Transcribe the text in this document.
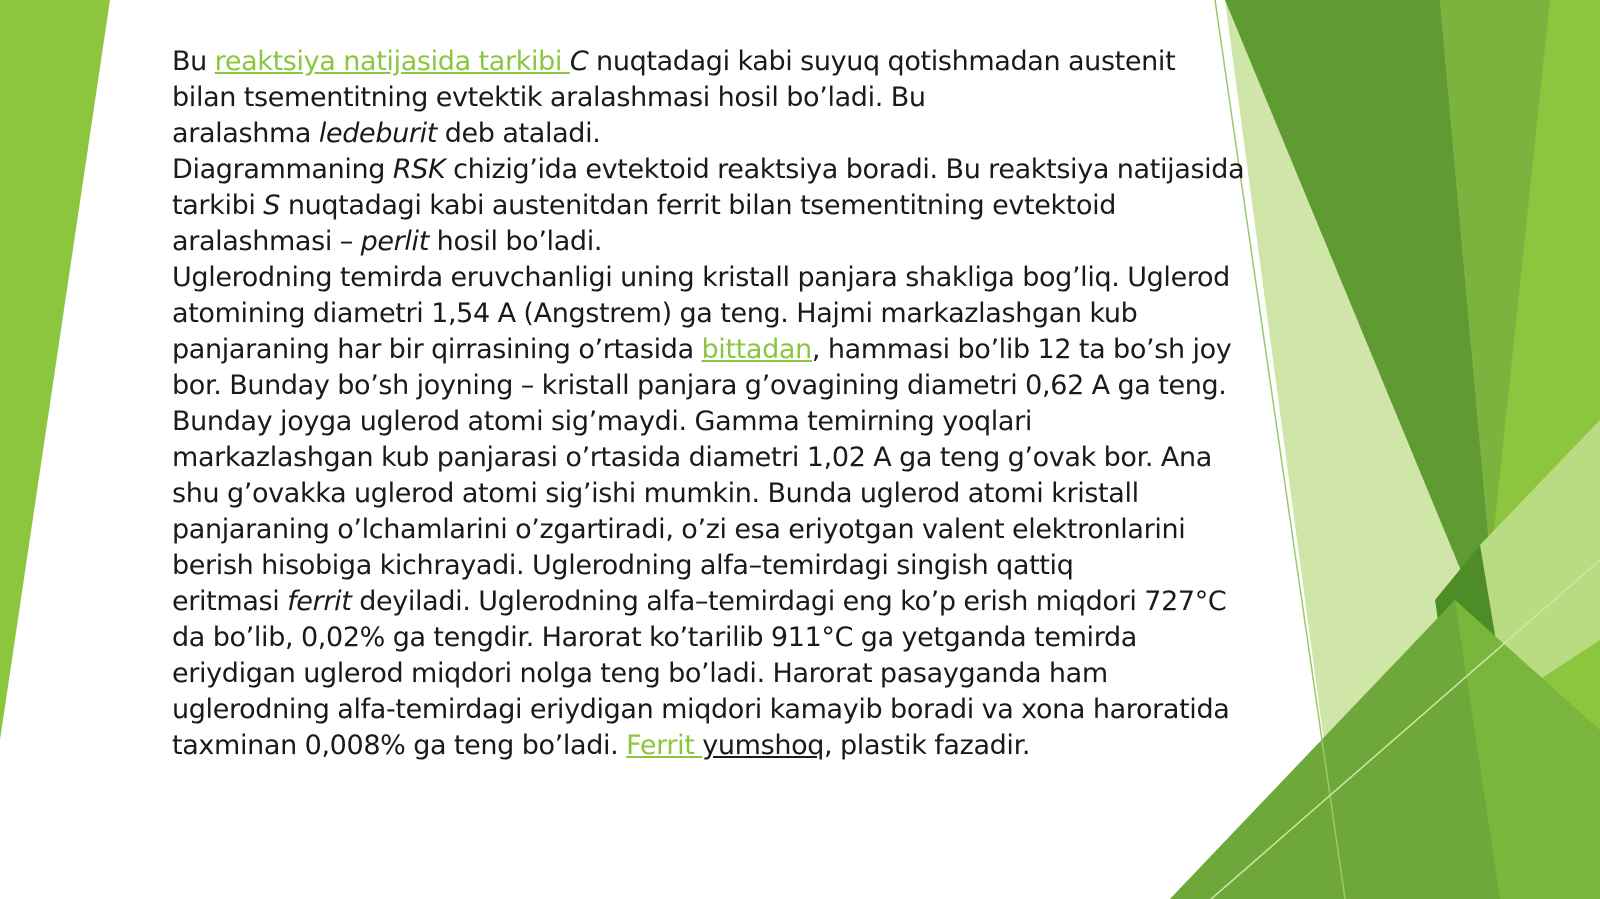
Bu reaktsiya natijasida tarkibi C nuqtadagi kabi suyuq qotishmadan austenit
bilan tsementitning evtektik aralashmasi hosil bo’ladi. Bu
aralashma ledeburit deb ataladi.
Diagrammaning RSK chizig’ida evtektoid reaktsiya boradi. Bu reaktsiya natijasida
tarkibi S nuqtadagi kabi austenitdan ferrit bilan tsementitning evtektoid
aralashmasi – perlit hosil bo’ladi.
Uglerodning temirda eruvchanligi uning kristall panjara shakliga bog’liq. Uglerod
atomining diametri 1,54 A (Angstrem) ga teng. Hajmi markazlashgan kub
panjaraning har bir qirrasining o’rtasida bittadan, hammasi bo’lib 12 ta bo’sh joy
bor. Bunday bo’sh joyning – kristall panjara g’ovagining diametri 0,62 A ga teng.
Bunday joyga uglerod atomi sig’maydi. Gamma temirning yoqlari
markazlashgan kub panjarasi o’rtasida diametri 1,02 A ga teng g’ovak bor. Ana
shu g’ovakka uglerod atomi sig’ishi mumkin. Bunda uglerod atomi kristall
panjaraning o’lchamlarini o’zgartiradi, o’zi esa eriyotgan valent elektronlarini
berish hisobiga kichrayadi. Uglerodning alfa–temirdagi singish qattiq
eritmasi ferrit deyiladi. Uglerodning alfa–temirdagi eng ko’p erish miqdori 727°C
da bo’lib, 0,02% ga tengdir. Harorat ko’tarilib 911°C ga yetganda temirda
eriydigan uglerod miqdori nolga teng bo’ladi. Harorat pasayganda ham
uglerodning alfa-temirdagi eriydigan miqdori kamayib boradi va xona haroratida
taxminan 0,008% ga teng bo’ladi. Ferrit yumshoq, plastik fazadir.
